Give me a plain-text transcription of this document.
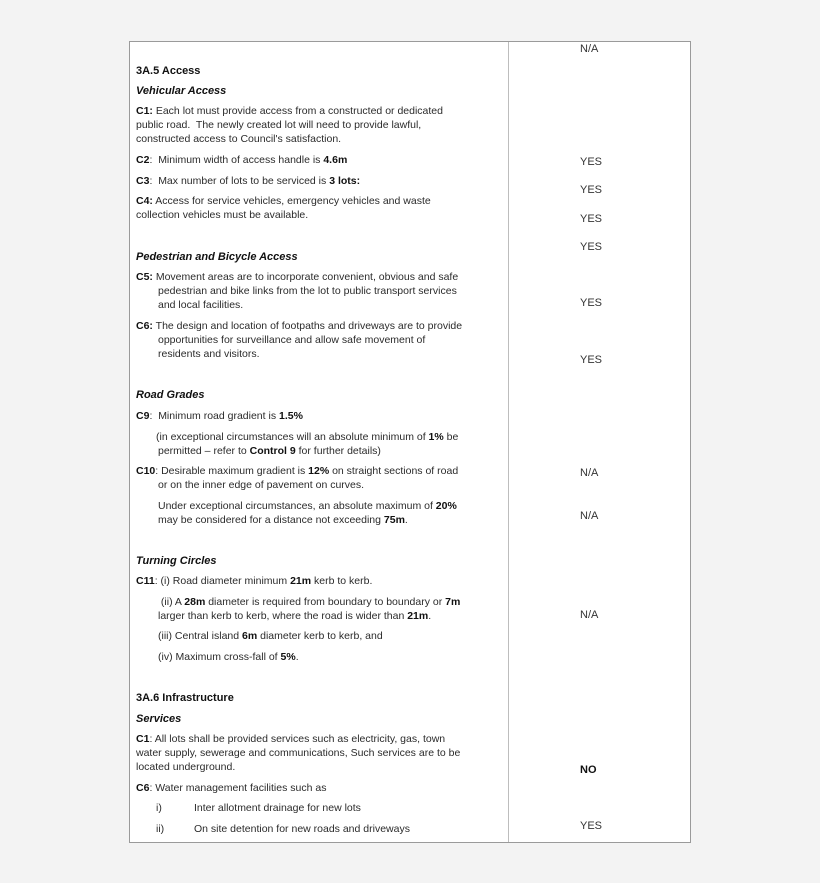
3A.5 Access
Vehicular Access
C1: Each lot must provide access from a constructed or dedicated
public road.  The newly created lot will need to provide lawful,
constructed access to Council's satisfaction.
C2:  Minimum width of access handle is 4.6m
C3:  Max number of lots to be serviced is 3 lots:
C4: Access for service vehicles, emergency vehicles and waste
collection vehicles must be available.
Pedestrian and Bicycle Access
C5: Movement areas are to incorporate convenient, obvious and safe
pedestrian and bike links from the lot to public transport services
and local facilities.
C6: The design and location of footpaths and driveways are to provide
opportunities for surveillance and allow safe movement of
residents and visitors.
Road Grades
C9:  Minimum road gradient is 1.5%
(in exceptional circumstances will an absolute minimum of 1% be
permitted – refer to Control 9 for further details)
C10: Desirable maximum gradient is 12% on straight sections of road
or on the inner edge of pavement on curves.
Under exceptional circumstances, an absolute maximum of 20%
may be considered for a distance not exceeding 75m.
Turning Circles
C11: (i) Road diameter minimum 21m kerb to kerb.
(ii) A 28m diameter is required from boundary to boundary or 7m
larger than kerb to kerb, where the road is wider than 21m.
(iii) Central island 6m diameter kerb to kerb, and
(iv) Maximum cross-fall of 5%.
3A.6 Infrastructure
Services
C1: All lots shall be provided services such as electricity, gas, town
water supply, sewerage and communications, Such services are to be
located underground.
C6: Water management facilities such as
i)	Inter allotment drainage for new lots
ii)	On site detention for new roads and driveways
N/A
YES
YES
YES
YES
YES
YES
N/A
N/A
N/A
NO
YES
